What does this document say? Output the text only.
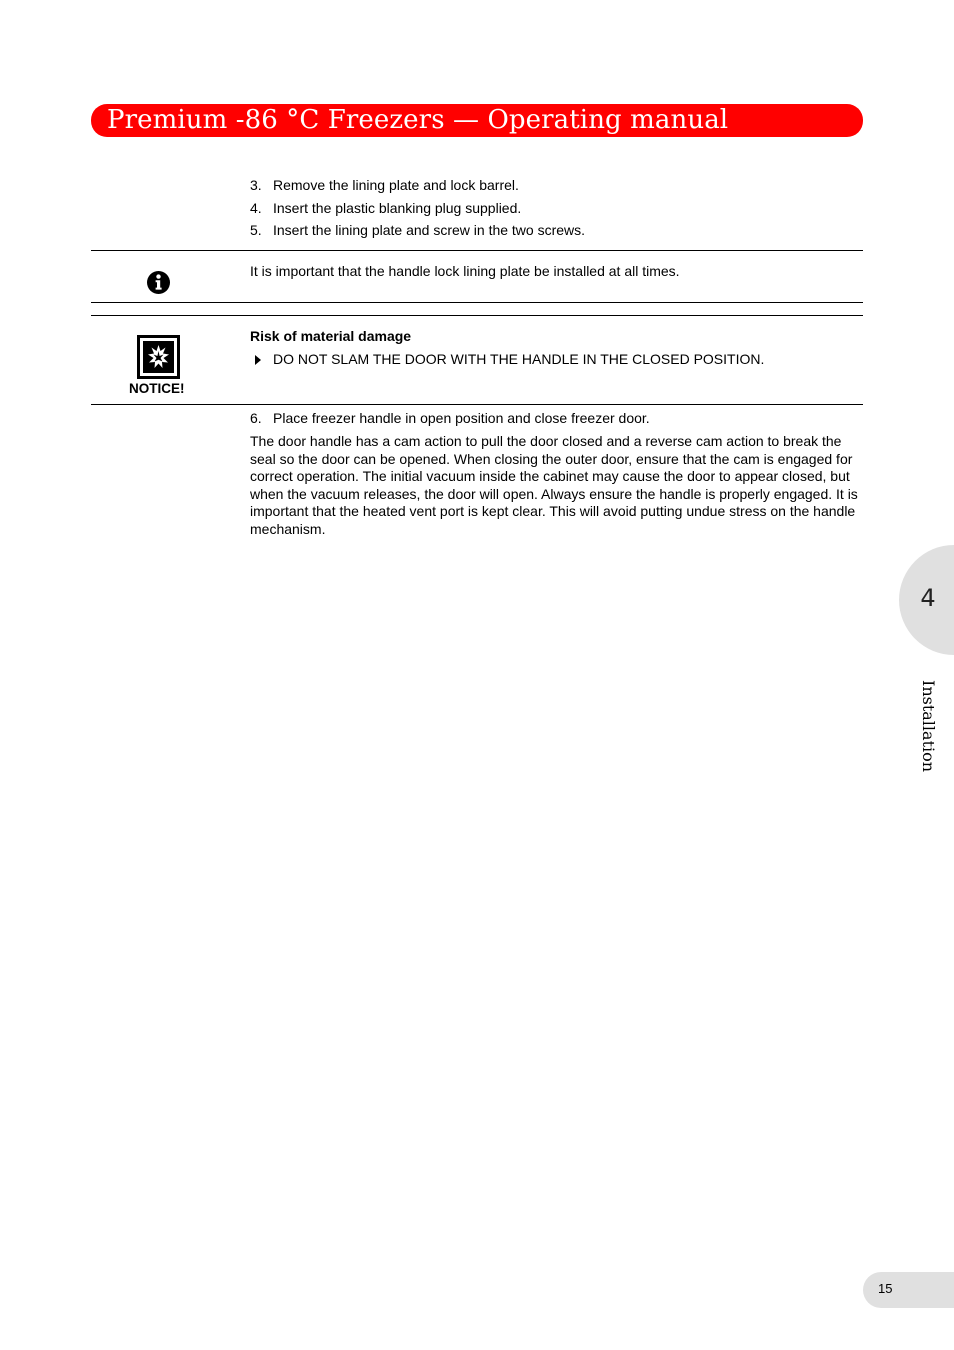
Premium -86 °C Freezers — Operating manual
3. Remove the lining plate and lock barrel.
4. Insert the plastic blanking plug supplied.
5. Insert the lining plate and screw in the two screws.
It is important that the handle lock lining plate be installed at all times.
NOTICE!
Risk of material damage
DO NOT SLAM THE DOOR WITH THE HANDLE IN THE CLOSED POSITION.
6. Place freezer handle in open position and close freezer door.

The door handle has a cam action to pull the door closed and a reverse cam action to break the seal so the door can be opened. When closing the outer door, ensure that the cam is engaged for correct operation. The initial vacuum inside the cabinet may cause the door to appear closed, but when the vacuum releases, the door will open. Always ensure the handle is properly engaged. It is important that the heated vent port is kept clear. This will avoid putting undue stress on the handle mechanism.

4
Installation
15
